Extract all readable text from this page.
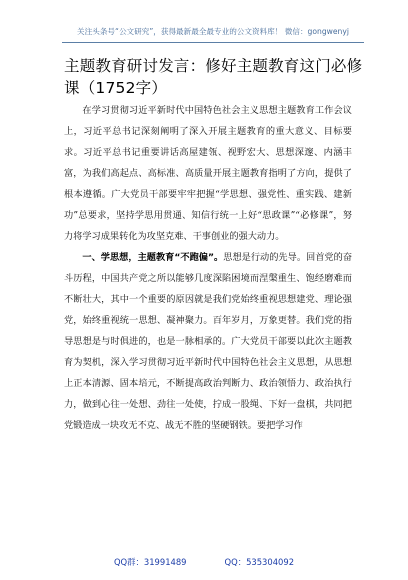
关注头条号“公文研究”，获得最新最全最专业的公文资料库！ 微信：gongwenyj
主题教育研讨发言：修好主题教育这门必修课（1752字）

在学习贯彻习近平新时代中国特色社会主义思想主题教育工作会议上，习近平总书记深刻阐明了深入开展主题教育的重大意义、目标要求。习近平总书记重要讲话高屋建瓴、视野宏大、思想深邃、内涵丰富，为我们高起点、高标准、高质量开展主题教育指明了方向，提供了根本遵循。广大党员干部要牢牢把握“学思想、强党性、重实践、建新功”总要求，坚持学思用贯通、知信行统一上好“思政课”“必修课”，努力将学习成果转化为攻坚克难、干事创业的强大动力。

一、学思想，主题教育“不跑偏”。思想是行动的先导。回首党的奋斗历程，中国共产党之所以能够几度深陷困境而涅槃重生、饱经磨难而不断壮大，其中一个重要的原因就是我们党始终重视思想建党、理论强党，始终重视统一思想、凝神聚力。百年岁月，万象更替。我们党的指导思想是与时俱进的，也是一脉相承的。广大党员干部要以此次主题教育为契机，深入学习贯彻习近平新时代中国特色社会主义思想，从思想上正本清源、固本培元，不断提高政治判断力、政治领悟力、政治执行力，做到心往一处想、劲往一处使，拧成一股绳、下好一盘棋，共同把党锻造成一块攻无不克、战无不胜的坚硬钢铁。要把学习作

QQ群：31991489	QQ：535304092
